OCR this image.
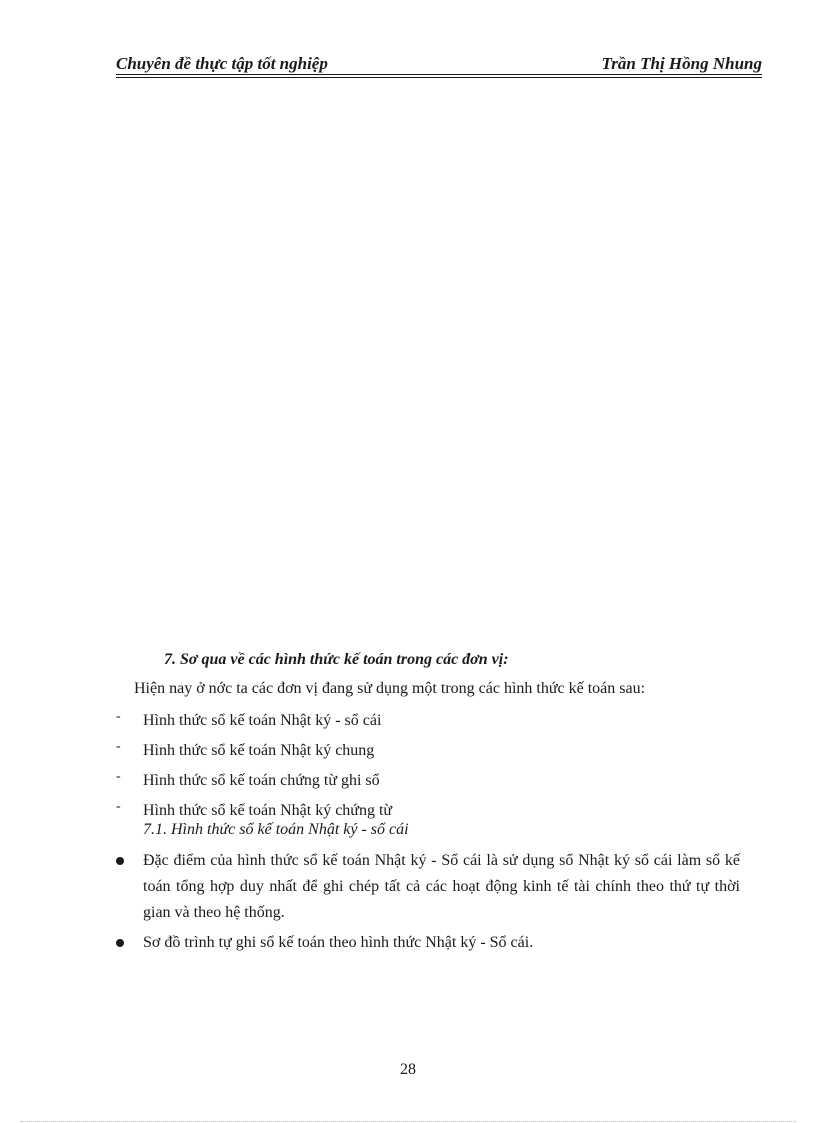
Chuyên đề thực tập tốt nghiệp	Trần Thị Hồng Nhung

7. Sơ qua về các hình thức kế toán trong các đơn vị:

Hiện nay ở nớc ta các đơn vị đang sử dụng một trong các hình thức kế toán sau:

- Hình thức sổ kế toán Nhật ký - sổ cái
- Hình thức sổ kế toán Nhật ký chung
- Hình thức sổ kế toán chứng từ ghi sổ
- Hình thức sổ kế toán Nhật ký chứng từ

7.1. Hình thức sổ kế toán Nhật ký - sổ cái

Đặc điểm của hình thức sổ kế toán Nhật ký - Sổ cái là sử dụng sổ Nhật ký sổ cái làm sổ kế toán tổng hợp duy nhất để ghi chép tất cả các hoạt động kinh tế tài chính theo thứ tự thời gian và theo hệ thống.
Sơ đồ trình tự ghi sổ kế toán theo hình thức Nhật ký - Sổ cái.
28
